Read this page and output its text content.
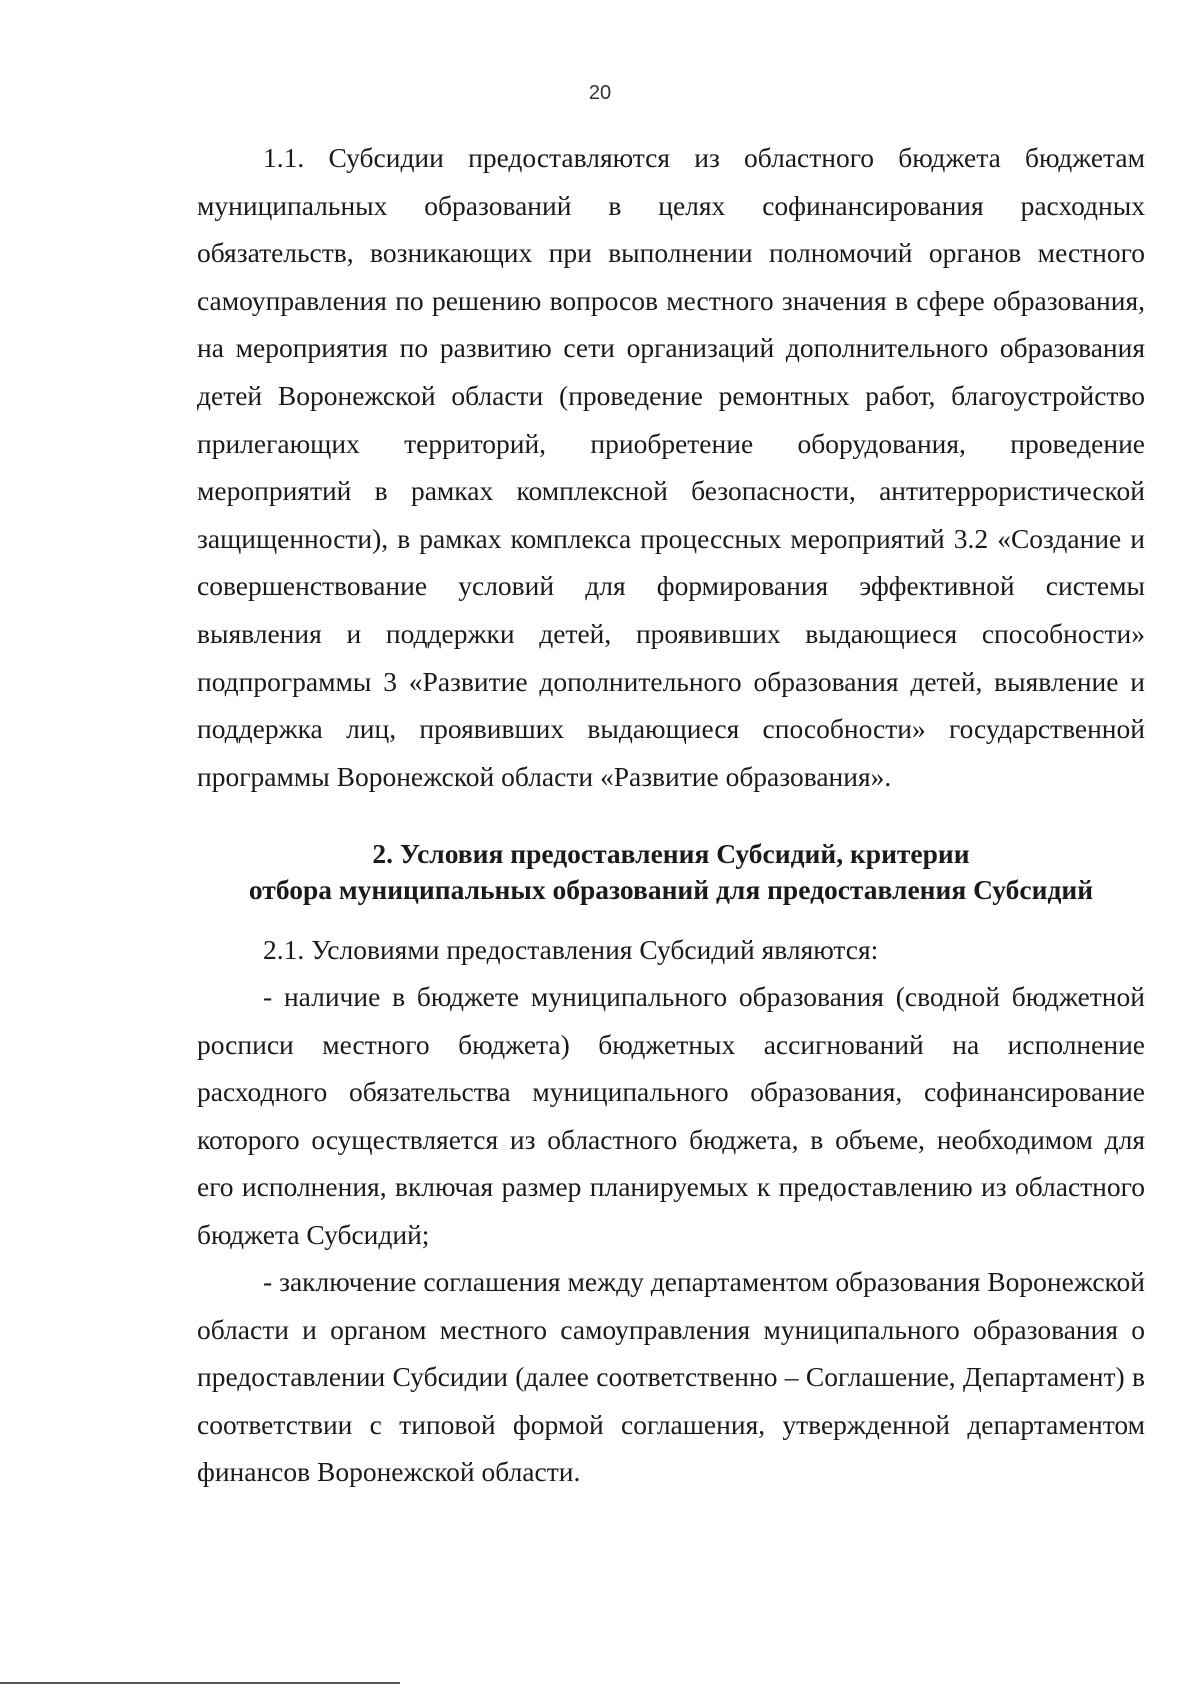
20

1.1. Субсидии предоставляются из областного бюджета бюджетам муниципальных образований в целях софинансирования расходных обязательств, возникающих при выполнении полномочий органов местного самоуправления по решению вопросов местного значения в сфере образования, на мероприятия по развитию сети организаций дополнительного образования детей Воронежской области (проведение ремонтных работ, благоустройство прилегающих территорий, приобретение оборудования, проведение мероприятий в рамках комплексной безопасности, антитеррористической защищенности), в рамках комплекса процессных мероприятий 3.2 «Создание и совершенствование условий для формирования эффективной системы выявления и поддержки детей, проявивших выдающиеся способности» подпрограммы 3 «Развитие дополнительного образования детей, выявление и поддержка лиц, проявивших выдающиеся способности» государственной программы Воронежской области «Развитие образования».

2. Условия предоставления Субсидий, критерии
отбора муниципальных образований для предоставления Субсидий

2.1. Условиями предоставления Субсидий являются:

- наличие в бюджете муниципального образования (сводной бюджетной росписи местного бюджета) бюджетных ассигнований на исполнение расходного обязательства муниципального образования, софинансирование которого осуществляется из областного бюджета, в объеме, необходимом для его исполнения, включая размер планируемых к предоставлению из областного бюджета Субсидий;

- заключение соглашения между департаментом образования Воронежской области и органом местного самоуправления муниципального образования о предоставлении Субсидии (далее соответственно – Соглашение, Департамент) в соответствии с типовой формой соглашения, утвержденной департаментом финансов Воронежской области.
